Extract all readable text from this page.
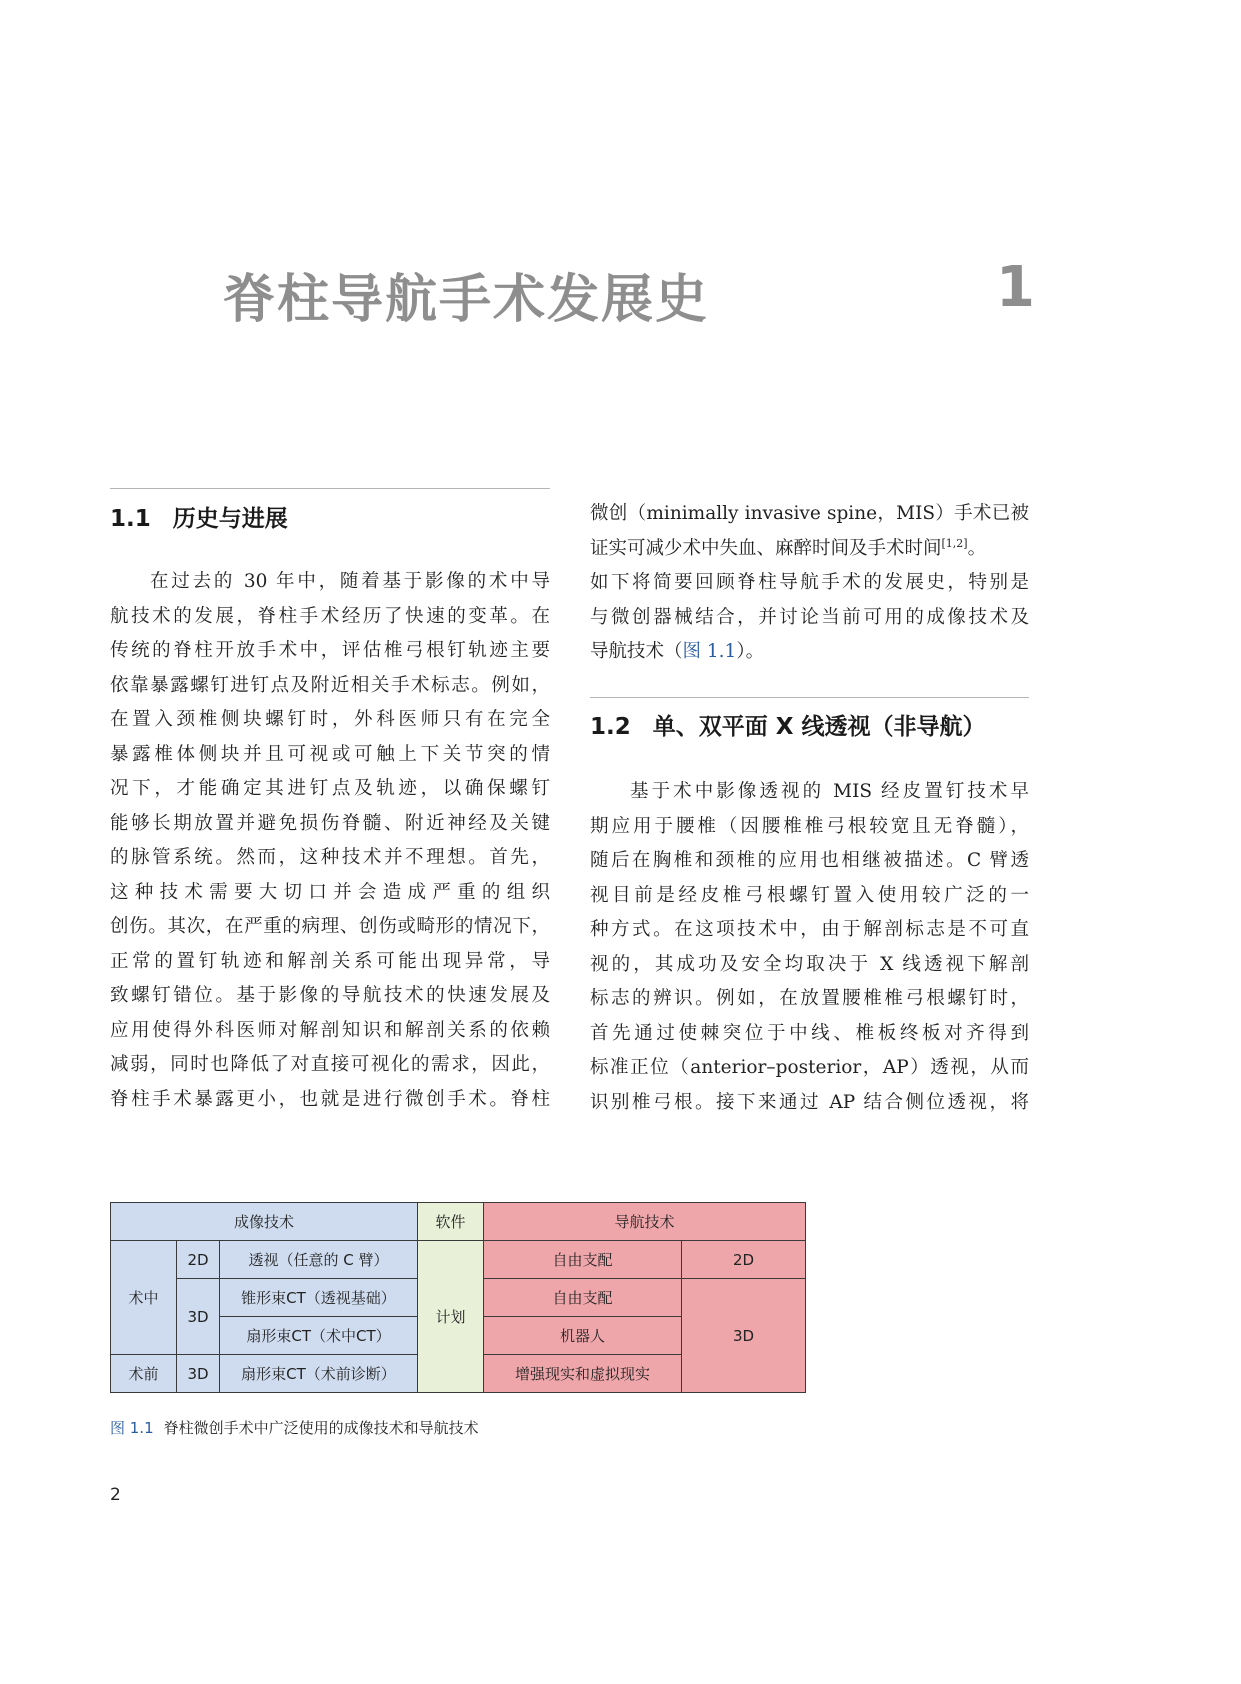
脊柱导航手术发展史	1
1.1 历史与进展
在过去的 30 年中，随着基于影像的术中导
航技术的发展，脊柱手术经历了快速的变革。在
传统的脊柱开放手术中，评估椎弓根钉轨迹主要
依靠暴露螺钉进钉点及附近相关手术标志。例如，
在置入颈椎侧块螺钉时，外科医师只有在完全
暴露椎体侧块并且可视或可触上下关节突的情
况下，才能确定其进钉点及轨迹，以确保螺钉
能够长期放置并避免损伤脊髓、附近神经及关键
的脉管系统。然而，这种技术并不理想。首先，
这种技术需要大切口并会造成严重的组织
创伤。其次，在严重的病理、创伤或畸形的情况下，
正常的置钉轨迹和解剖关系可能出现异常，导
致螺钉错位。基于影像的导航技术的快速发展及
应用使得外科医师对解剖知识和解剖关系的依赖
减弱，同时也降低了对直接可视化的需求，因此，
脊柱手术暴露更小，也就是进行微创手术。脊柱
微创（minimally invasive spine，MIS）手术已被
证实可减少术中失血、麻醉时间及手术时间[1,2]。
如下将简要回顾脊柱导航手术的发展史，特别是
与微创器械结合，并讨论当前可用的成像技术及
导航技术（图 1.1）。
1.2 单、双平面 X 线透视（非导航）
基于术中影像透视的 MIS 经皮置钉技术早
期应用于腰椎（因腰椎椎弓根较宽且无脊髓），
随后在胸椎和颈椎的应用也相继被描述。C 臂透
视目前是经皮椎弓根螺钉置入使用较广泛的一
种方式。在这项技术中，由于解剖标志是不可直
视的，其成功及安全均取决于 X 线透视下解剖
标志的辨识。例如，在放置腰椎椎弓根螺钉时，
首先通过使棘突位于中线、椎板终板对齐得到
标准正位（anterior–posterior，AP）透视，从而
识别椎弓根。接下来通过 AP 结合侧位透视，将
成像技术			软件	导航技术	
术中	2D	透视（任意的 C 臂）	计划	自由支配	2D
	3D	锥形束CT（透视基础）		自由支配	3D
		扇形束CT（术中CT）		机器人	
术前	3D	扇形束CT（术前诊断）		增强现实和虚拟现实	
图 1.1 脊柱微创手术中广泛使用的成像技术和导航技术
2
